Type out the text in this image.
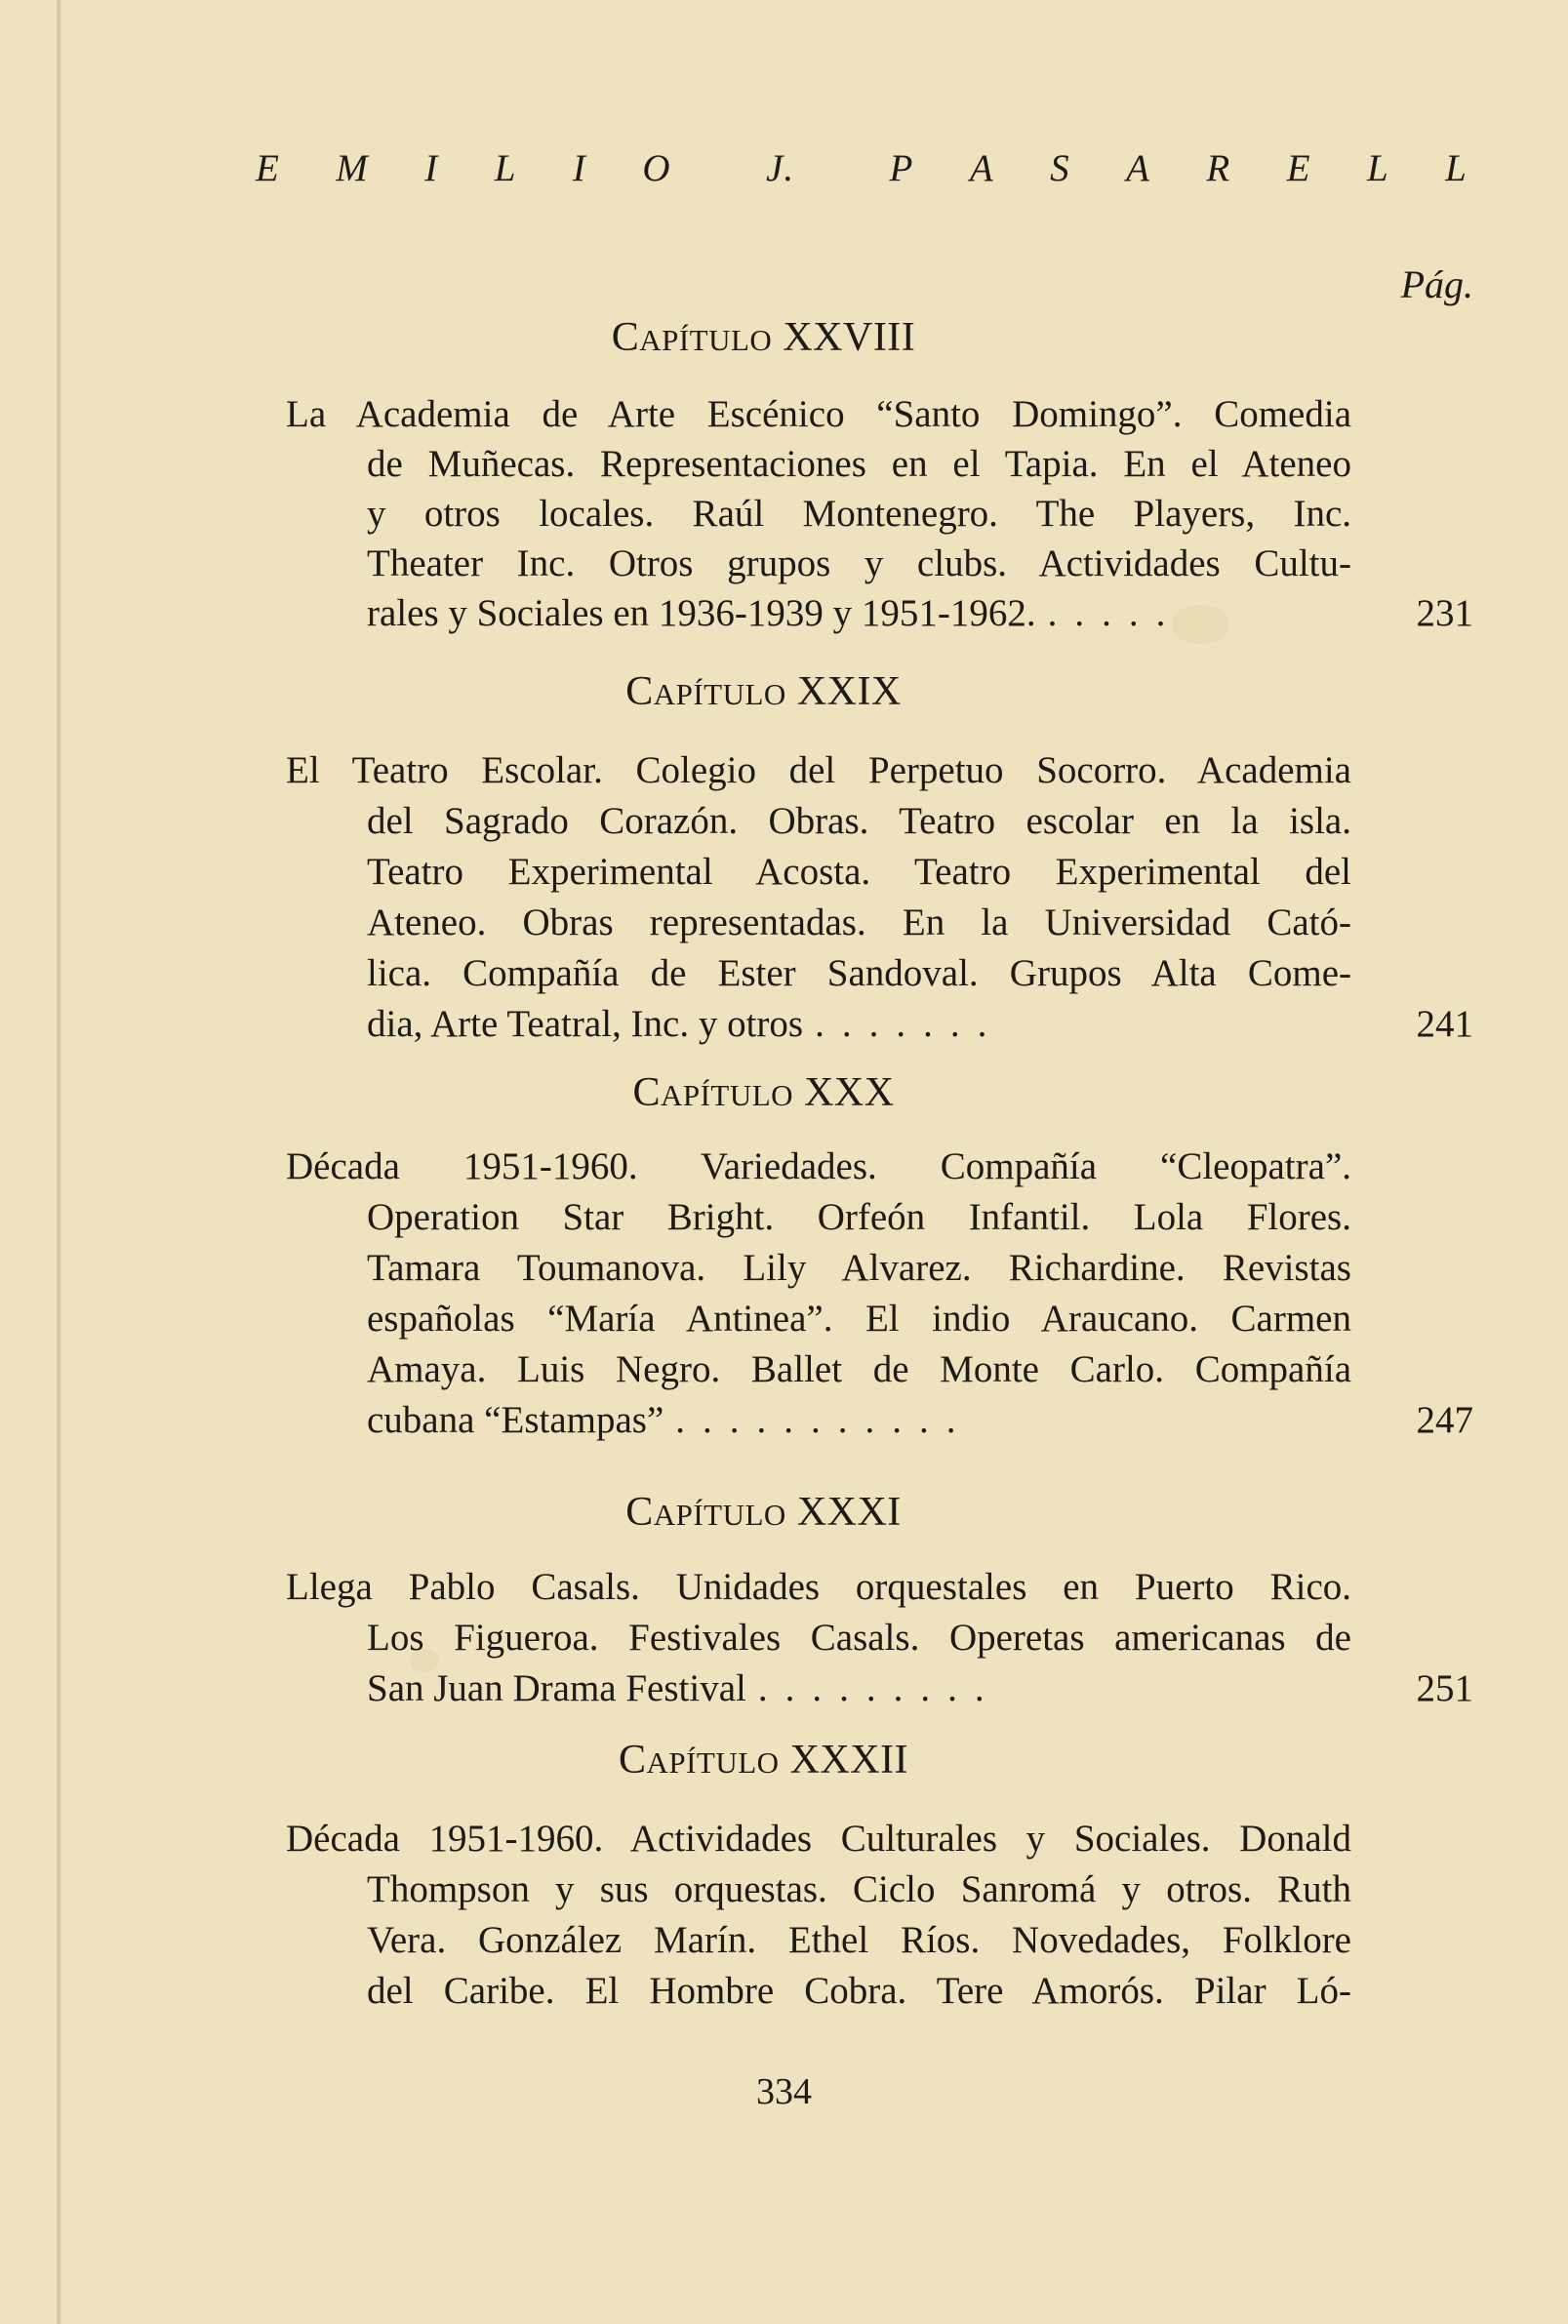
E M I L I O J. P A S A R E L L
Pág.
CAPÍTULO XXVIII
La Academia de Arte Escénico “Santo Domingo”. Comedia
de Muñecas. Representaciones en el Tapia. En el Ateneo
y otros locales. Raúl Montenegro. The Players, Inc.
Theater Inc. Otros grupos y clubs. Actividades Cultu-
rales y Sociales en 1936-1939 y 1951-1962. .....	231
CAPÍTULO XXIX
El Teatro Escolar. Colegio del Perpetuo Socorro. Academia
del Sagrado Corazón. Obras. Teatro escolar en la isla.
Teatro Experimental Acosta. Teatro Experimental del
Ateneo. Obras representadas. En la Universidad Cató-
lica. Compañía de Ester Sandoval. Grupos Alta Come-
dia, Arte Teatral, Inc. y otros .......	241
CAPÍTULO XXX
Década 1951-1960. Variedades. Compañía “Cleopatra”.
Operation Star Bright. Orfeón Infantil. Lola Flores.
Tamara Toumanova. Lily Alvarez. Richardine. Revistas
españolas “María Antinea”. El indio Araucano. Carmen
Amaya. Luis Negro. Ballet de Monte Carlo. Compañía
cubana “Estampas” ...........	247
CAPÍTULO XXXI
Llega Pablo Casals. Unidades orquestales en Puerto Rico.
Los Figueroa. Festivales Casals. Operetas americanas de
San Juan Drama Festival .........	251
CAPÍTULO XXXII
Década 1951-1960. Actividades Culturales y Sociales. Donald
Thompson y sus orquestas. Ciclo Sanromá y otros. Ruth
Vera. González Marín. Ethel Ríos. Novedades, Folklore
del Caribe. El Hombre Cobra. Tere Amorós. Pilar Ló-
334
